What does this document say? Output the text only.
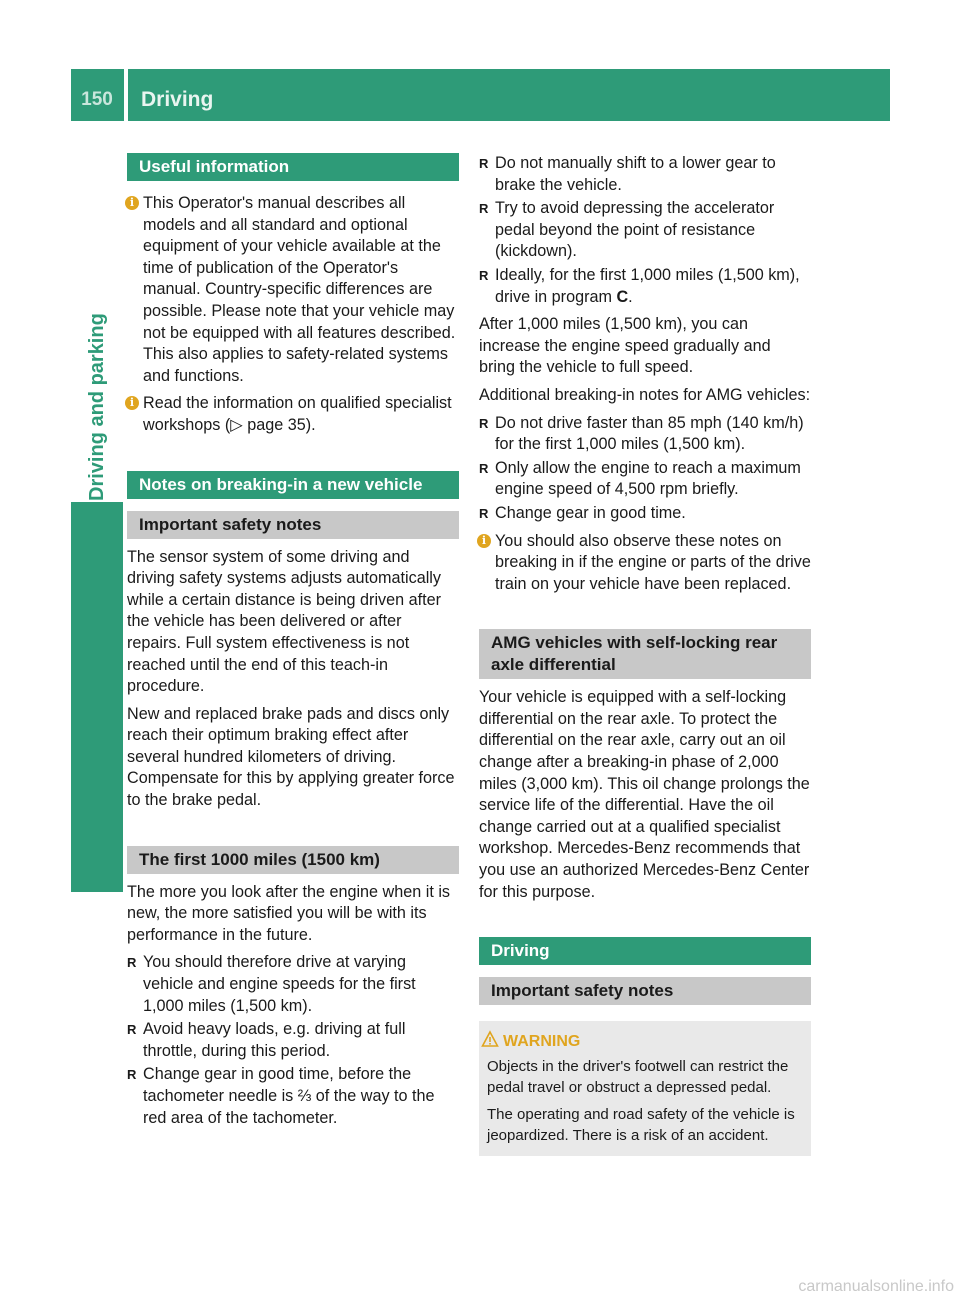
150	Driving
Driving and parking
Useful information
i This Operator's manual describes all models and all standard and optional equipment of your vehicle available at the time of publication of the Operator's manual. Country-specific differences are possible. Please note that your vehicle may not be equipped with all features described. This also applies to safety-related systems and functions.
i Read the information on qualified specialist workshops (▷ page 35).
Notes on breaking-in a new vehicle
Important safety notes

The sensor system of some driving and driving safety systems adjusts automatically while a certain distance is being driven after the vehicle has been delivered or after repairs. Full system effectiveness is not reached until the end of this teach-in procedure.

New and replaced brake pads and discs only reach their optimum braking effect after several hundred kilometers of driving. Compensate for this by applying greater force to the brake pedal.

The first 1000 miles (1500 km)

The more you look after the engine when it is new, the more satisfied you will be with its performance in the future.

R You should therefore drive at varying vehicle and engine speeds for the first 1,000 miles (1,500 km).
R Avoid heavy loads, e.g. driving at full throttle, during this period.
R Change gear in good time, before the tachometer needle is ⅔ of the way to the red area of the tachometer.
R Do not manually shift to a lower gear to brake the vehicle.
R Try to avoid depressing the accelerator pedal beyond the point of resistance (kickdown).
R Ideally, for the first 1,000 miles (1,500 km), drive in program C.

After 1,000 miles (1,500 km), you can increase the engine speed gradually and bring the vehicle to full speed.

Additional breaking-in notes for AMG vehicles:

R Do not drive faster than 85 mph (140 km/h) for the first 1,000 miles (1,500 km).
R Only allow the engine to reach a maximum engine speed of 4,500 rpm briefly.
R Change gear in good time.
i You should also observe these notes on breaking in if the engine or parts of the drive train on your vehicle have been replaced.
AMG vehicles with self-locking rear axle differential

Your vehicle is equipped with a self-locking differential on the rear axle. To protect the differential on the rear axle, carry out an oil change after a breaking-in phase of 2,000 miles (3,000 km). This oil change prolongs the service life of the differential. Have the oil change carried out at a qualified specialist workshop. Mercedes-Benz recommends that you use an authorized Mercedes-Benz Center for this purpose.

Driving
Important safety notes
WARNING

Objects in the driver's footwell can restrict the pedal travel or obstruct a depressed pedal.

The operating and road safety of the vehicle is jeopardized. There is a risk of an accident.

carmanualsonline.info
